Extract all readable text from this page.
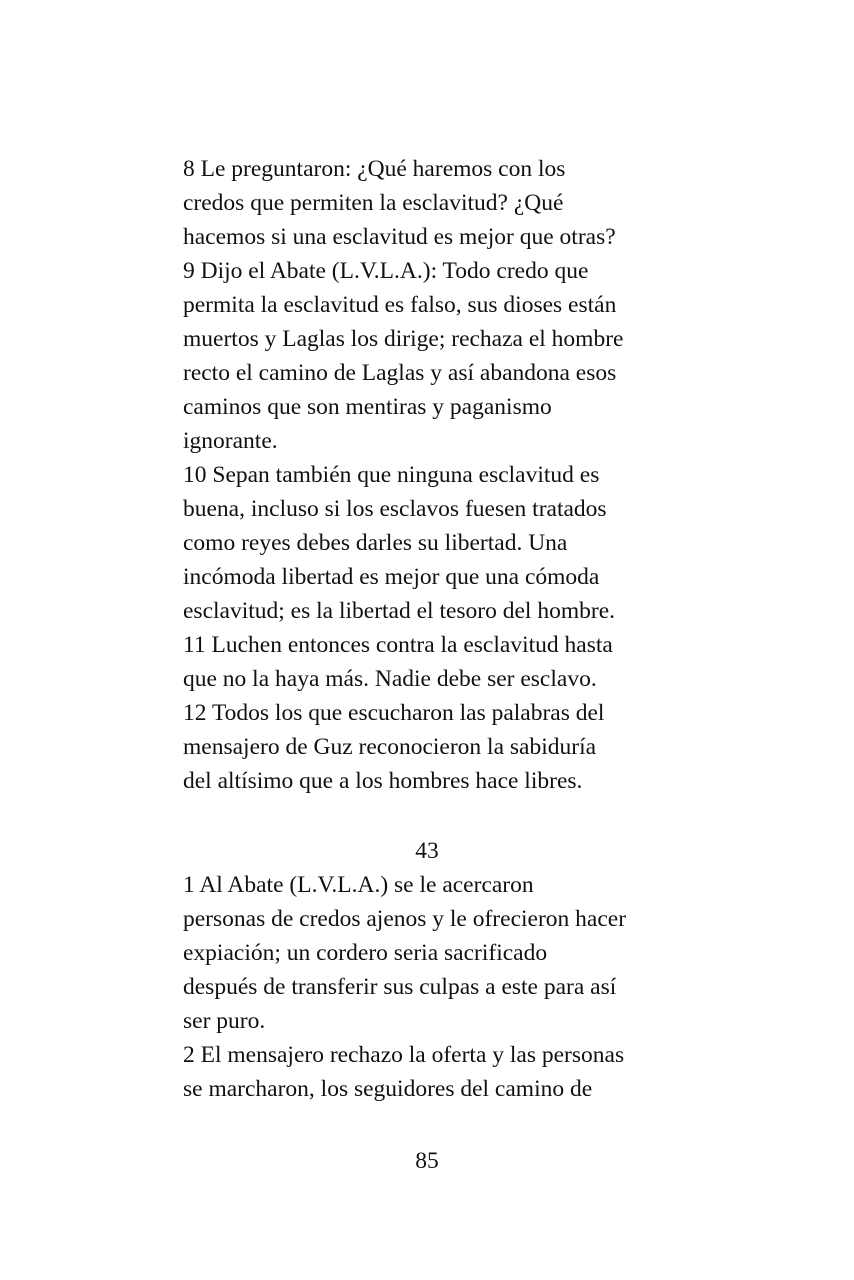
8 Le preguntaron: ¿Qué haremos con los
credos que permiten la esclavitud? ¿Qué
hacemos si una esclavitud es mejor que otras?
9 Dijo el Abate (L.V.L.A.): Todo credo que
permita la esclavitud es falso, sus dioses están
muertos y Laglas los dirige; rechaza el hombre
recto el camino de Laglas y así abandona esos
caminos que son mentiras y paganismo
ignorante.
10 Sepan también que ninguna esclavitud es
buena, incluso si los esclavos fuesen tratados
como reyes debes darles su libertad. Una
incómoda libertad es mejor que una cómoda
esclavitud; es la libertad el tesoro del hombre.
11 Luchen entonces contra la esclavitud hasta
que no la haya más. Nadie debe ser esclavo.
12 Todos los que escucharon las palabras del
mensajero de Guz reconocieron la sabiduría
del altísimo que a los hombres hace libres.
43
1 Al Abate (L.V.L.A.) se le acercaron
personas de credos ajenos y le ofrecieron hacer
expiación; un cordero seria sacrificado
después de transferir sus culpas a este para así
ser puro.
2 El mensajero rechazo la oferta y las personas
se marcharon, los seguidores del camino de
85
